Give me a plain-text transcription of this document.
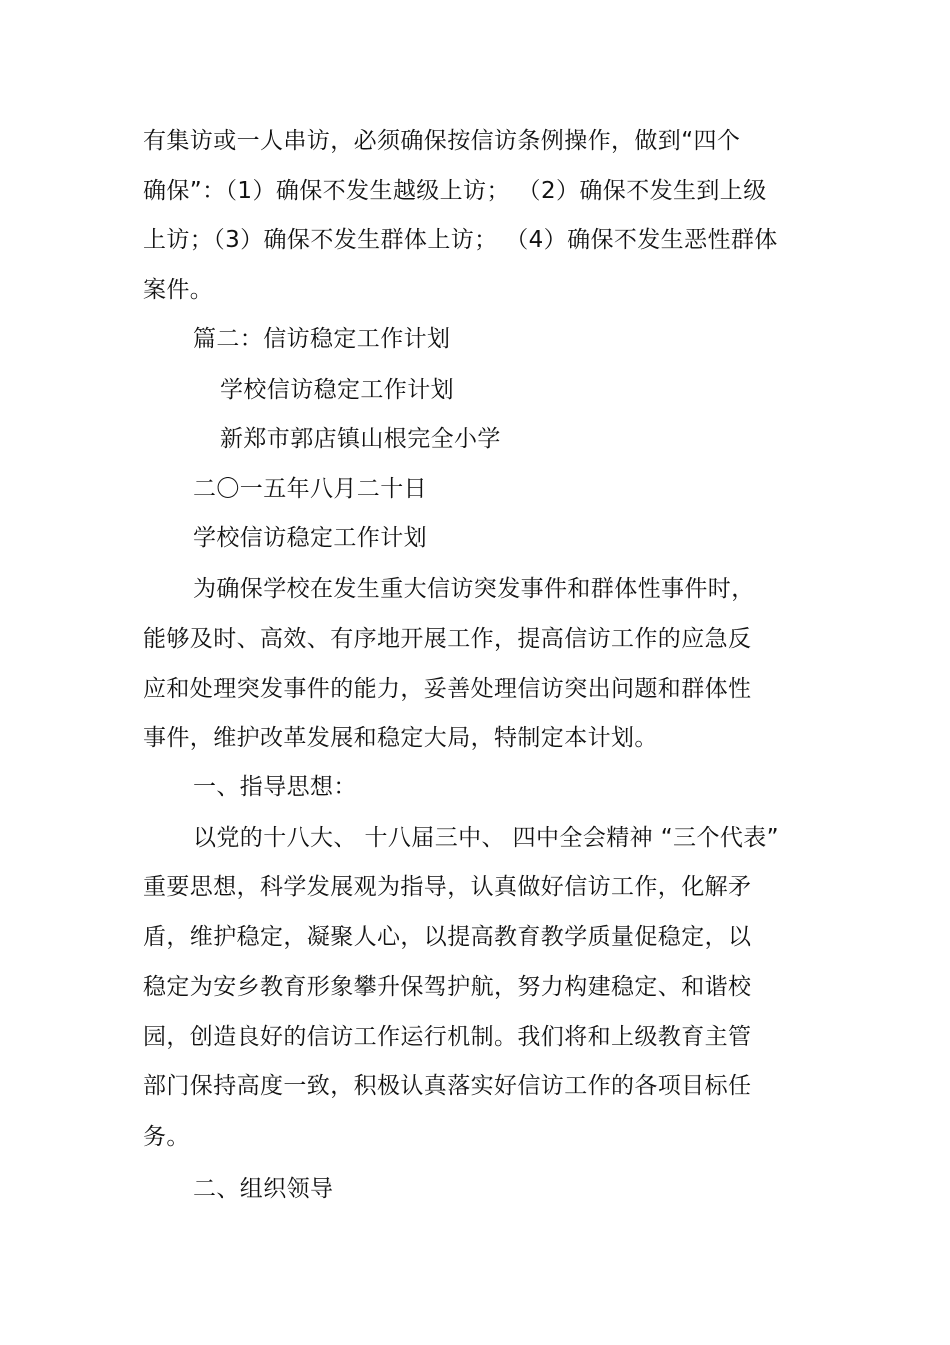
有集访或一人串访，必须确保按信访条例操作，做到“四个
确保”：（1）确保不发生越级上访； （2）确保不发生到上级
上访；（3）确保不发生群体上访； （4）确保不发生恶性群体
案件。
篇二：信访稳定工作计划
学校信访稳定工作计划
新郑市郭店镇山根完全小学
二〇一五年八月二十日
学校信访稳定工作计划
为确保学校在发生重大信访突发事件和群体性事件时，
能够及时、高效、有序地开展工作，提高信访工作的应急反
应和处理突发事件的能力，妥善处理信访突出问题和群体性
事件，维护改革发展和稳定大局，特制定本计划。
一、指导思想：
以党的十八大、 十八届三中、 四中全会精神 “三个代表”
重要思想，科学发展观为指导，认真做好信访工作，化解矛
盾，维护稳定，凝聚人心，以提高教育教学质量促稳定，以
稳定为安乡教育形象攀升保驾护航，努力构建稳定、和谐校
园，创造良好的信访工作运行机制。我们将和上级教育主管
部门保持高度一致，积极认真落实好信访工作的各项目标任
务。
二、组织领导
